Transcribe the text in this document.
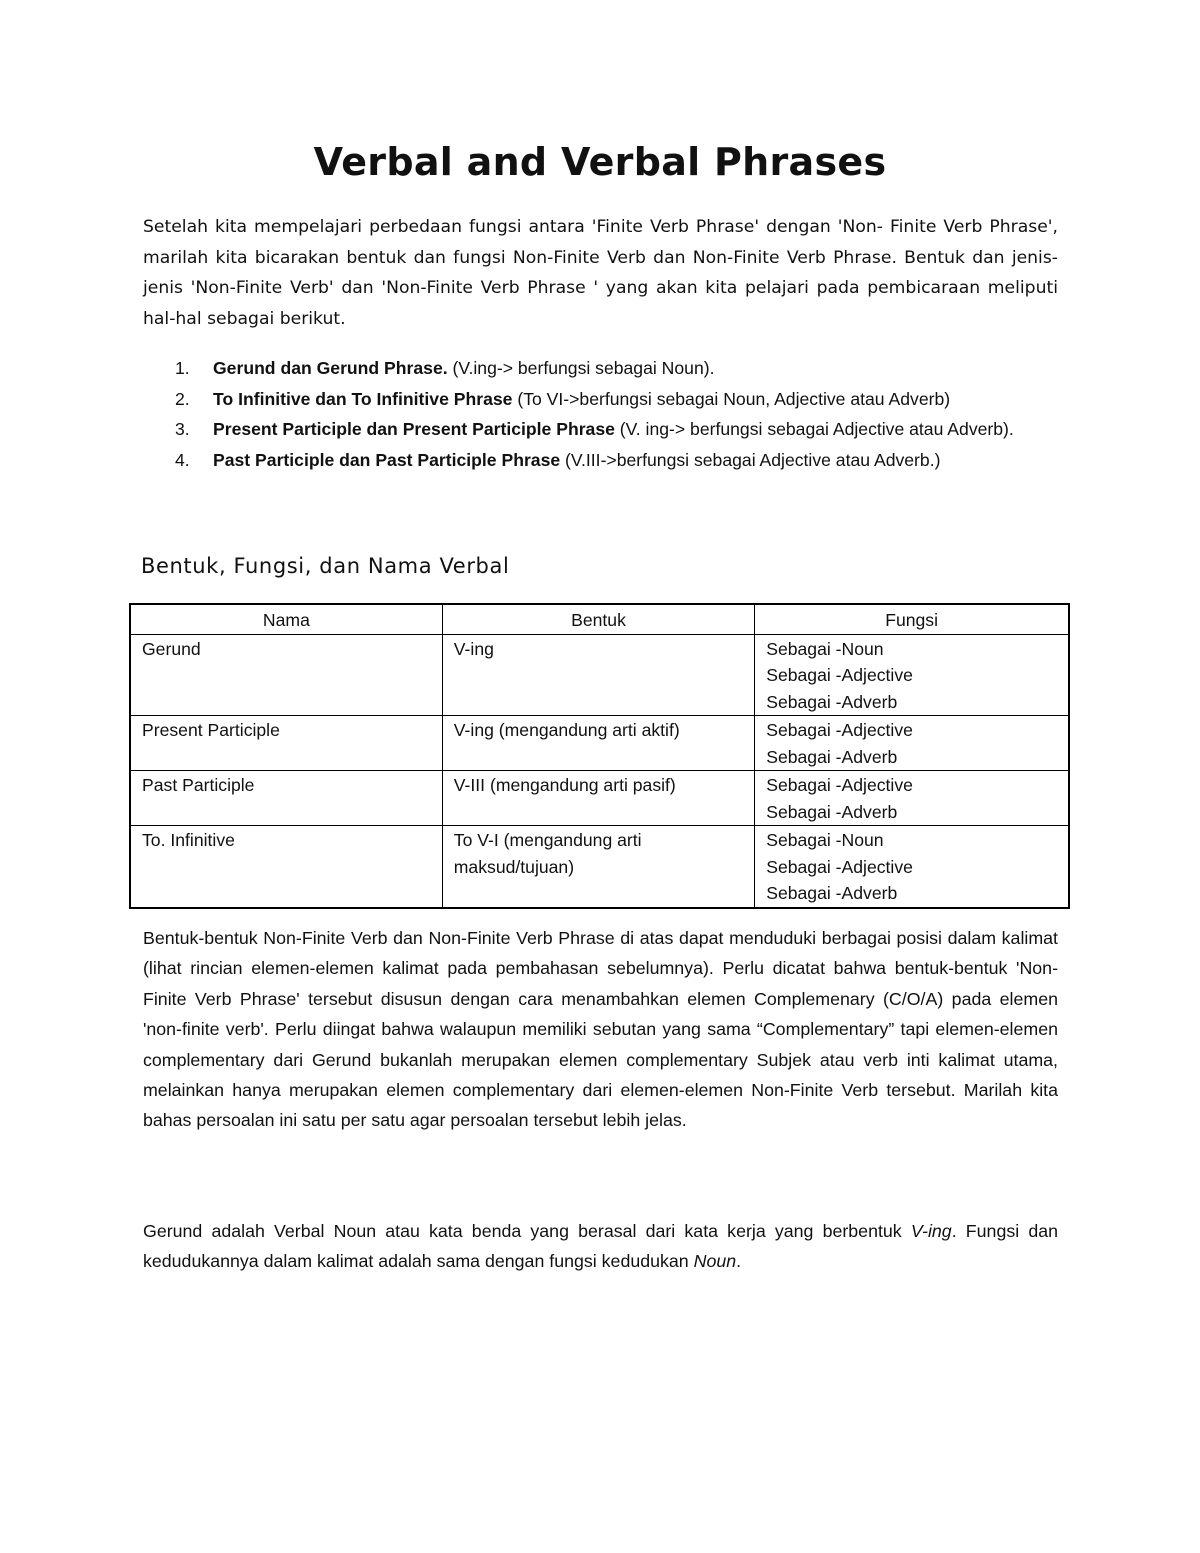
Verbal and Verbal Phrases

Setelah kita mempelajari perbedaan fungsi antara 'Finite Verb Phrase' dengan 'Non- Finite Verb Phrase', marilah kita bicarakan bentuk dan fungsi Non-Finite Verb dan Non-Finite Verb Phrase. Bentuk dan jenis-jenis 'Non-Finite Verb' dan 'Non-Finite Verb Phrase ' yang akan kita pelajari pada pembicaraan meliputi hal-hal sebagai berikut.

1. Gerund dan Gerund Phrase. (V.ing-> berfungsi sebagai Noun).
2. To Infinitive dan To Infinitive Phrase (To VI->berfungsi sebagai Noun, Adjective atau Adverb)
3. Present Participle dan Present Participle Phrase (V. ing-> berfungsi sebagai Adjective atau Adverb).
4. Past Participle dan Past Participle Phrase (V.III->berfungsi sebagai Adjective atau Adverb.)
Bentuk, Fungsi, dan Nama Verbal
Nama	Bentuk	Fungsi
Gerund	V-ing	Sebagai -Noun
Sebagai -Adjective
Sebagai -Adverb

Present Participle	V-ing (mengandung arti aktif)	Sebagai -Adjective
Sebagai -Adverb

Past Participle	V-III (mengandung arti pasif)	Sebagai -Adjective
Sebagai -Adverb

To. Infinitive	To V-I (mengandung arti maksud/tujuan)	Sebagai -Noun
Sebagai -Adjective
Sebagai -Adverb

Bentuk-bentuk Non-Finite Verb dan Non-Finite Verb Phrase di atas dapat menduduki berbagai posisi dalam kalimat (lihat rincian elemen-elemen kalimat pada pembahasan sebelumnya). Perlu dicatat bahwa bentuk-bentuk 'Non-Finite Verb Phrase' tersebut disusun dengan cara menambahkan elemen Complemenary (C/O/A) pada elemen 'non-finite verb'. Perlu diingat bahwa walaupun memiliki sebutan yang sama “Complementary” tapi elemen-elemen complementary dari Gerund bukanlah merupakan elemen complementary Subjek atau verb inti kalimat utama, melainkan hanya merupakan elemen complementary dari elemen-elemen Non-Finite Verb tersebut. Marilah kita bahas persoalan ini satu per satu agar persoalan tersebut lebih jelas.

Gerund adalah Verbal Noun atau kata benda yang berasal dari kata kerja yang berbentuk V-ing. Fungsi dan kedudukannya dalam kalimat adalah sama dengan fungsi kedudukan Noun.
